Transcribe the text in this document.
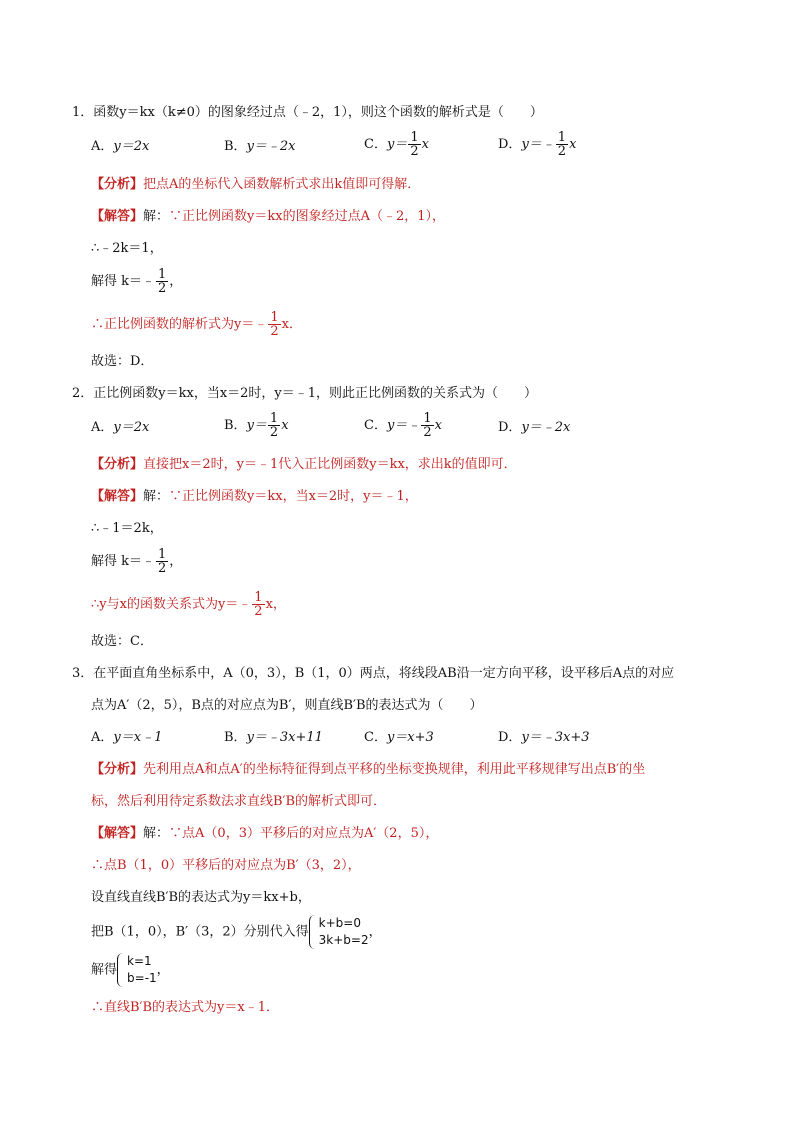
1．函数y＝kx（k≠0）的图象经过点（﹣2，1），则这个函数的解析式是（　　）
A．y＝2x	B．y＝﹣2x	C．$y= \frac{1}{2}$ x	D．y＝﹣ $\frac{1}{2}$ x
【分析】把点A的坐标代入函数解析式求出k值即可得解．
【解答】解：∵正比例函数y＝kx的图象经过点A（﹣2，1），
∴﹣2k＝1，
解得 k＝﹣ $\frac{1}{2}$ ，
∴正比例函数的解析式为y＝﹣ $\frac{1}{2}$ x．
故选：D．
2．正比例函数y＝kx，当x＝2时，y＝﹣1，则此正比例函数的关系式为（　　）
A．y＝2x	B．$y= \frac{1}{2}$ x	C．y＝﹣ $\frac{1}{2}$ x	D．y＝﹣2x
【分析】直接把x＝2时，y＝﹣1代入正比例函数y＝kx，求出k的值即可．
【解答】解：∵正比例函数y＝kx，当x＝2时，y＝﹣1，
∴﹣1＝2k，
解得 k＝﹣ $\frac{1}{2}$ ，
∴y与x的函数关系式为y＝﹣ $\frac{1}{2}$ x，
故选：C．
3．在平面直角坐标系中，A（0，3），B（1，0）两点，将线段AB沿一定方向平移，设平移后A点的对应
点为A′（2，5），B点的对应点为B′，则直线B′B的表达式为（　　）
A．y＝x﹣1	B．y＝﹣3x+11	C．y＝x+3	D．y＝﹣3x+3
【分析】先利用点A和点A′的坐标特征得到点平移的坐标变换规律，利用此平移规律写出点B′的坐
标，然后利用待定系数法求直线B′B的解析式即可．
【解答】解：∵点A（0，3）平移后的对应点为A′（2，5），
∴点B（1，0）平移后的对应点为B′（3，2），
设直线直线B′B的表达式为y＝kx+b，
把B（1，0），B′（3，2）分别代入得
k+b=0
3k+b=2
，
解得
k=1
b=-1
，
∴直线B′B的表达式为y＝x﹣1．
